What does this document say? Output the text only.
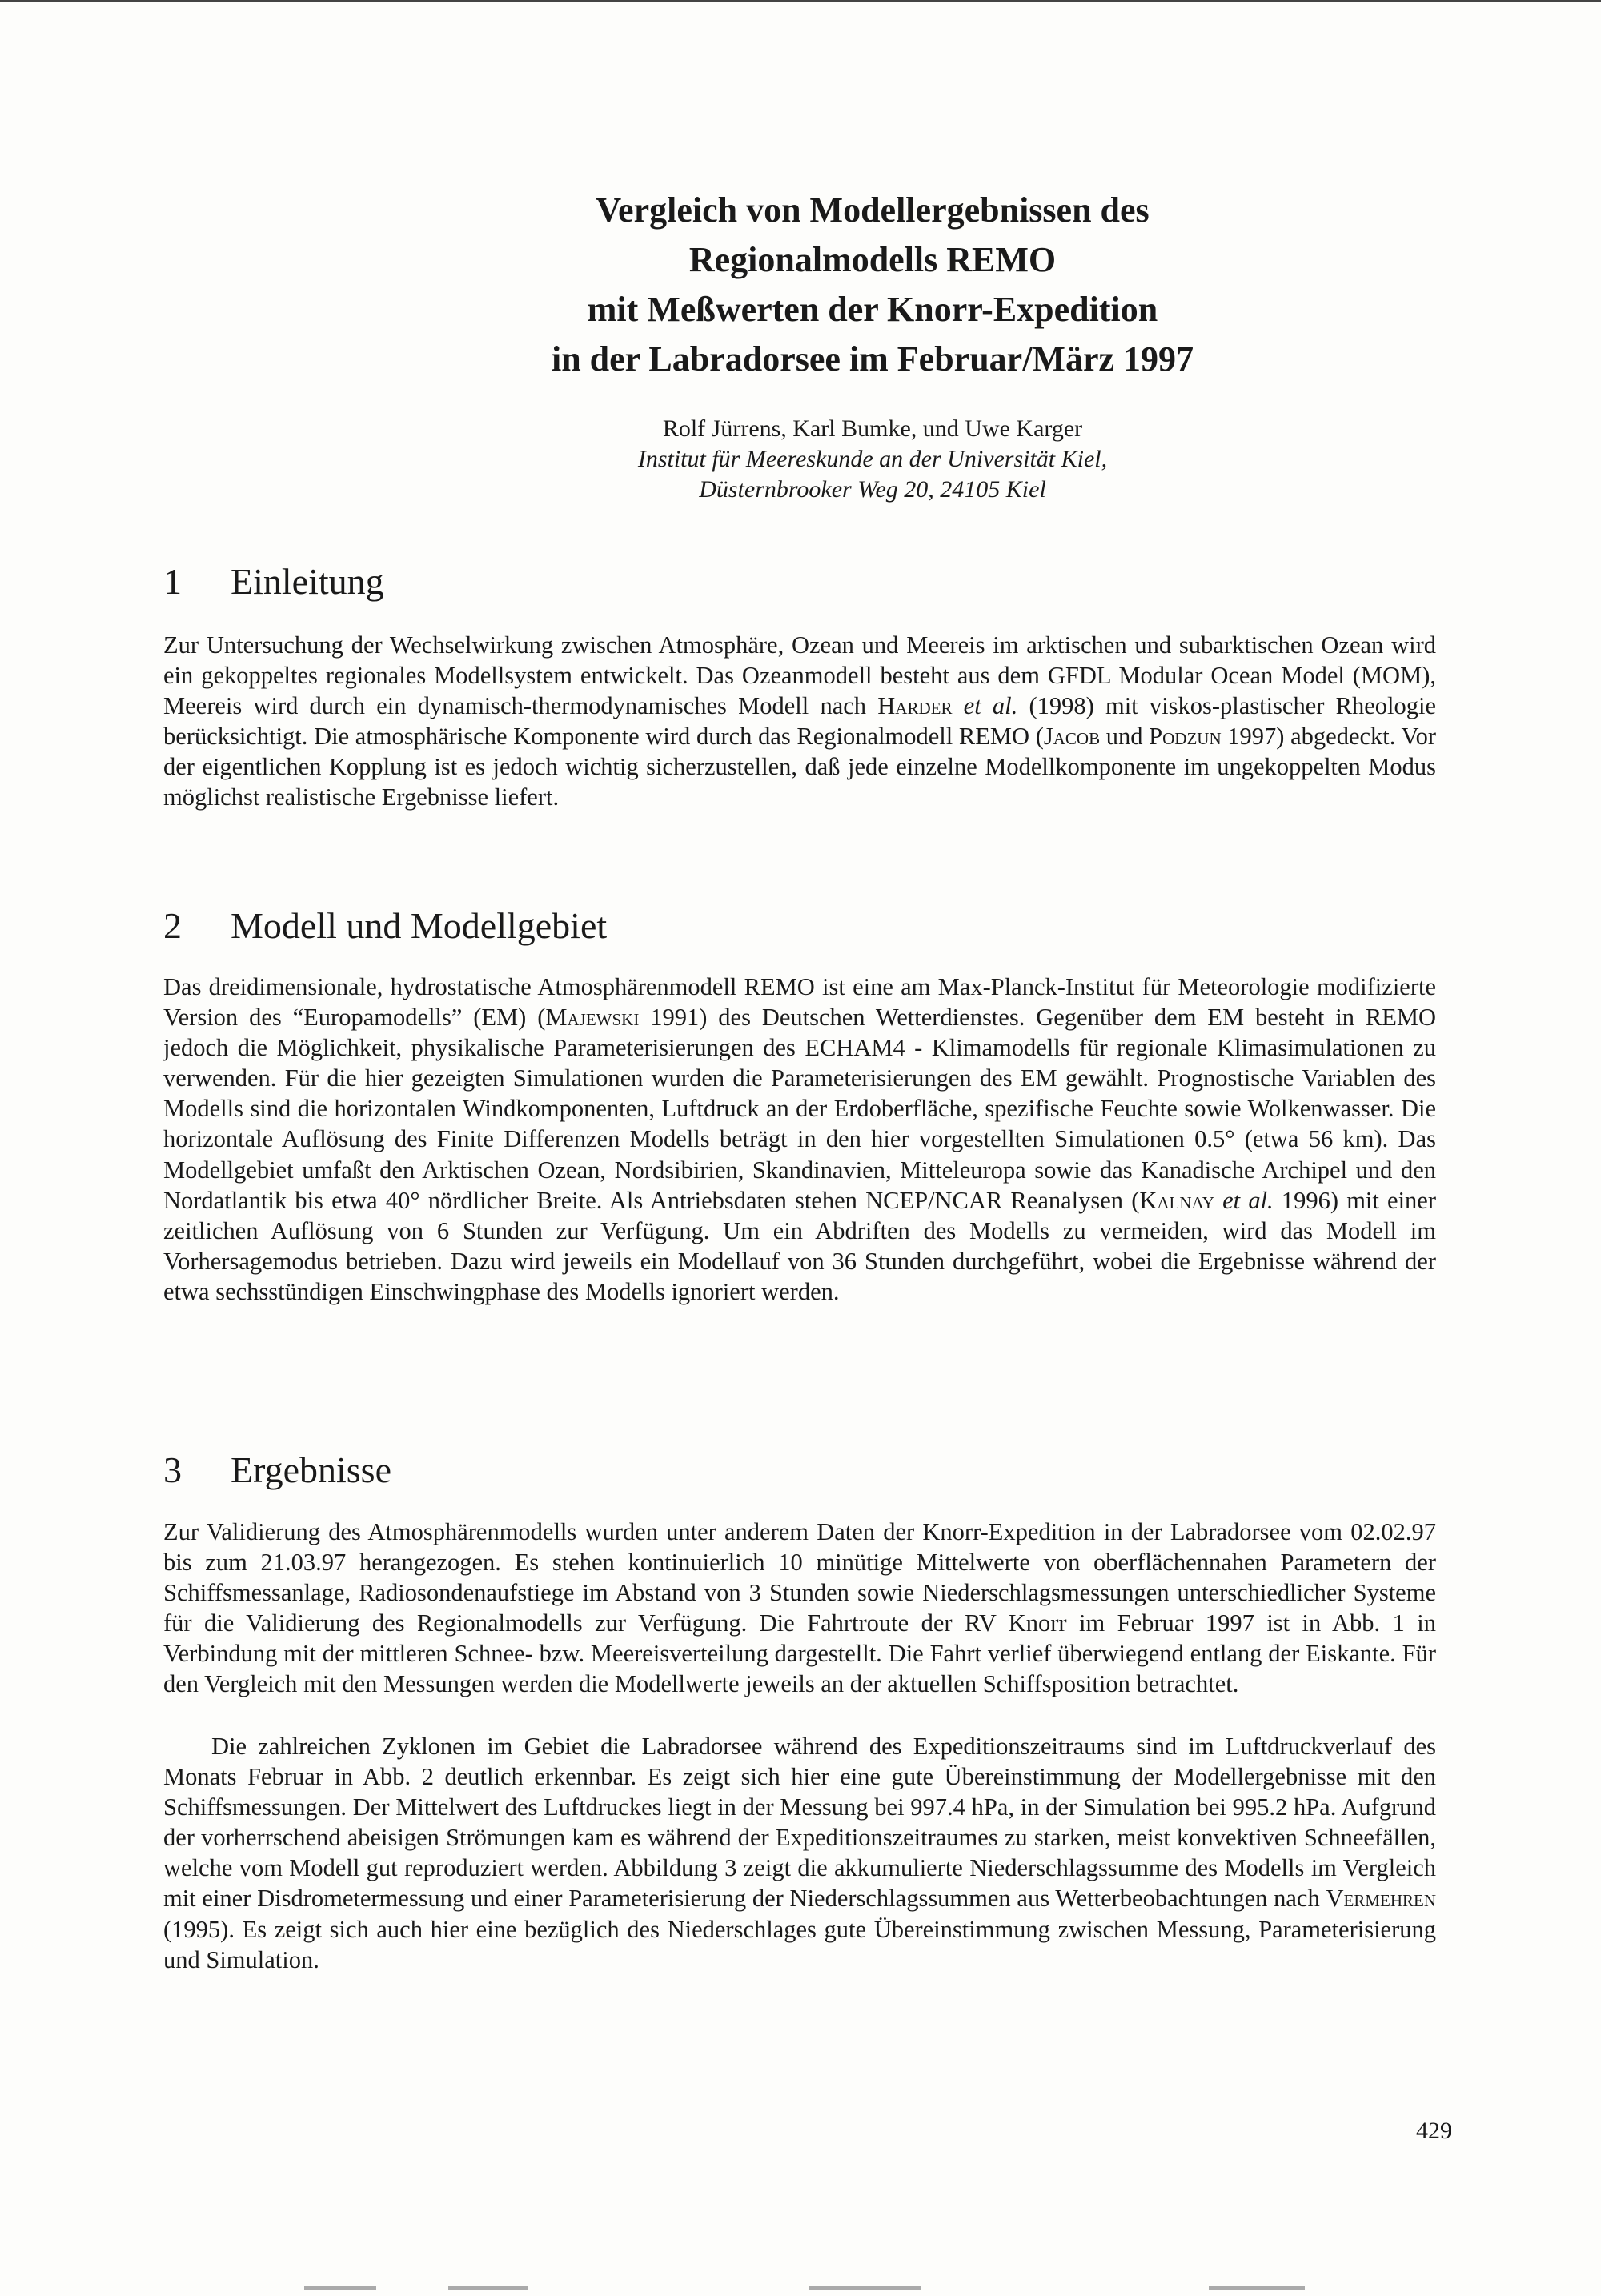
Vergleich von Modellergebnissen des
Regionalmodells REMO
mit Meßwerten der Knorr-Expedition
in der Labradorsee im Februar/März 1997
Rolf Jürrens, Karl Bumke, und Uwe Karger
Institut für Meereskunde an der Universität Kiel,
Düsternbrooker Weg 20, 24105 Kiel
1 Einleitung

Zur Untersuchung der Wechselwirkung zwischen Atmosphäre, Ozean und Meereis im arktischen und subarktischen Ozean wird ein gekoppeltes regionales Modellsystem entwickelt. Das Ozeanmodell besteht aus dem GFDL Modular Ocean Model (MOM), Meereis wird durch ein dynamisch-thermodynamisches Modell nach Harder et al. (1998) mit viskos-plastischer Rheologie berücksichtigt. Die atmosphärische Komponente wird durch das Regionalmodell REMO (Jacob und Podzun 1997) abgedeckt. Vor der eigentlichen Kopplung ist es jedoch wichtig sicherzustellen, daß jede einzelne Modellkomponente im ungekoppelten Modus möglichst realistische Ergebnisse liefert.

2 Modell und Modellgebiet

Das dreidimensionale, hydrostatische Atmosphärenmodell REMO ist eine am Max-Planck-Institut für Meteorologie modifizierte Version des “Europamodells” (EM) (Majewski 1991) des Deutschen Wetterdienstes. Gegenüber dem EM besteht in REMO jedoch die Möglichkeit, physikalische Parameterisierungen des ECHAM4 - Klimamodells für regionale Klimasimulationen zu verwenden. Für die hier gezeigten Simulationen wurden die Parameterisierungen des EM gewählt. Prognostische Variablen des Modells sind die horizontalen Windkomponenten, Luftdruck an der Erdoberfläche, spezifische Feuchte sowie Wolkenwasser. Die horizontale Auflösung des Finite Differenzen Modells beträgt in den hier vorgestellten Simulationen 0.5° (etwa 56 km). Das Modellgebiet umfaßt den Arktischen Ozean, Nordsibirien, Skandinavien, Mitteleuropa sowie das Kanadische Archipel und den Nordatlantik bis etwa 40° nördlicher Breite. Als Antriebsdaten stehen NCEP/NCAR Reanalysen (Kalnay et al. 1996) mit einer zeitlichen Auflösung von 6 Stunden zur Verfügung. Um ein Abdriften des Modells zu vermeiden, wird das Modell im Vorhersagemodus betrieben. Dazu wird jeweils ein Modellauf von 36 Stunden durchgeführt, wobei die Ergebnisse während der etwa sechsstündigen Einschwingphase des Modells ignoriert werden.

3 Ergebnisse

Zur Validierung des Atmosphärenmodells wurden unter anderem Daten der Knorr-Expedition in der Labradorsee vom 02.02.97 bis zum 21.03.97 herangezogen. Es stehen kontinuierlich 10 minütige Mittelwerte von oberflächennahen Parametern der Schiffsmessanlage, Radiosondenaufstiege im Abstand von 3 Stunden sowie Niederschlagsmessungen unterschiedlicher Systeme für die Validierung des Regionalmodells zur Verfügung. Die Fahrtroute der RV Knorr im Februar 1997 ist in Abb. 1 in Verbindung mit der mittleren Schnee- bzw. Meereisverteilung dargestellt. Die Fahrt verlief überwiegend entlang der Eiskante. Für den Vergleich mit den Messungen werden die Modellwerte jeweils an der aktuellen Schiffsposition betrachtet.

Die zahlreichen Zyklonen im Gebiet die Labradorsee während des Expeditionszeitraums sind im Luftdruckverlauf des Monats Februar in Abb. 2 deutlich erkennbar. Es zeigt sich hier eine gute Übereinstimmung der Modellergebnisse mit den Schiffsmessungen. Der Mittelwert des Luftdruckes liegt in der Messung bei 997.4 hPa, in der Simulation bei 995.2 hPa. Aufgrund der vorherrschend abeisigen Strömungen kam es während der Expeditionszeitraumes zu starken, meist konvektiven Schneefällen, welche vom Modell gut reproduziert werden. Abbildung 3 zeigt die akkumulierte Niederschlagssumme des Modells im Vergleich mit einer Disdrometermessung und einer Parameterisierung der Niederschlagssummen aus Wetterbeobachtungen nach Vermehren (1995). Es zeigt sich auch hier eine bezüglich des Niederschlages gute Übereinstimmung zwischen Messung, Parameterisierung und Simulation.

429
